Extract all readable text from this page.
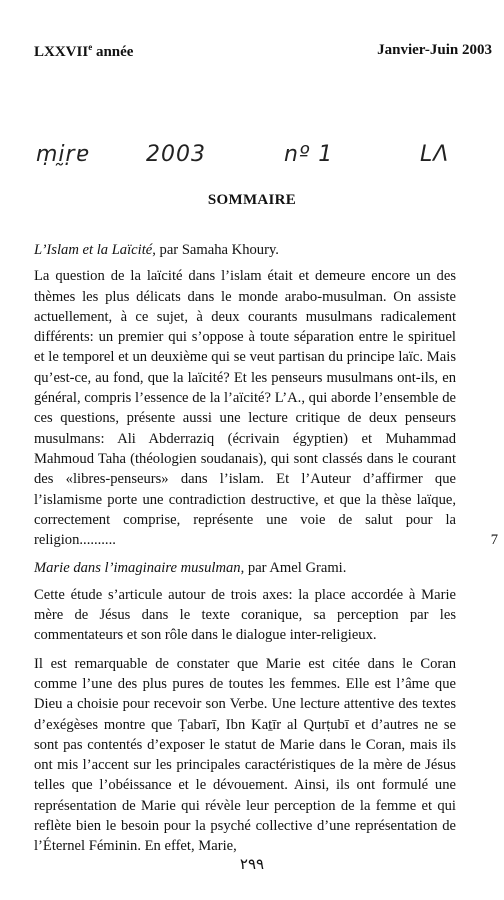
LXXVIIe année	Janvier-Juin 2003
ṃḭṛɐ	2003	nº 1	LΛ
SOMMAIRE

L’Islam et la Laïcité, par Samaha Khoury.

La question de la laïcité dans l’islam était et demeure encore un des thèmes les plus délicats dans le monde arabo-musulman. On assiste actuellement, à ce sujet, à deux courants musulmans radicalement différents: un premier qui s’oppose à toute séparation entre le spirituel et le temporel et un deuxième qui se veut partisan du principe laïc. Mais qu’est-ce, au fond, que la laïcité? Et les penseurs musulmans ont-ils, en général, compris l’essence de la l’aïcité? L’A., qui aborde l’ensemble de ces questions, présente aussi une lecture critique de deux penseurs musulmans: Ali Abderraziq (écrivain égyptien) et Muhammad Mahmoud Taha (théologien soudanais), qui sont classés dans le courant des «libres-penseurs» dans l’islam. Et l’Auteur d’affirmer que l’islamisme porte une contradiction destructive, et que la thèse laïque, correctement comprise, représente une voie de salut pour la religion..........	7

Marie dans l’imaginaire musulman, par Amel Grami.

Cette étude s’articule autour de trois axes: la place accordée à Marie mère de Jésus dans le texte coranique, sa perception par les commentateurs et son rôle dans le dialogue inter-religieux.

Il est remarquable de constater que Marie est citée dans le Coran comme l’une des plus pures de toutes les femmes. Elle est l’âme que Dieu a choisie pour recevoir son Verbe. Une lecture attentive des textes d’exégèses montre que Ṭabarī, Ibn Kaṯīr al Qurṭubī et d’autres ne se sont pas contentés d’exposer le statut de Marie dans le Coran, mais ils ont mis l’accent sur les principales caractéristiques de la mère de Jésus telles que l’obéissance et le dévouement. Ainsi, ils ont formulé une représentation de Marie qui révèle leur perception de la femme et qui reflète bien le besoin pour la psyché collective d’une représentation de l’Éternel Féminin. En effet, Marie,

٢٩٩
